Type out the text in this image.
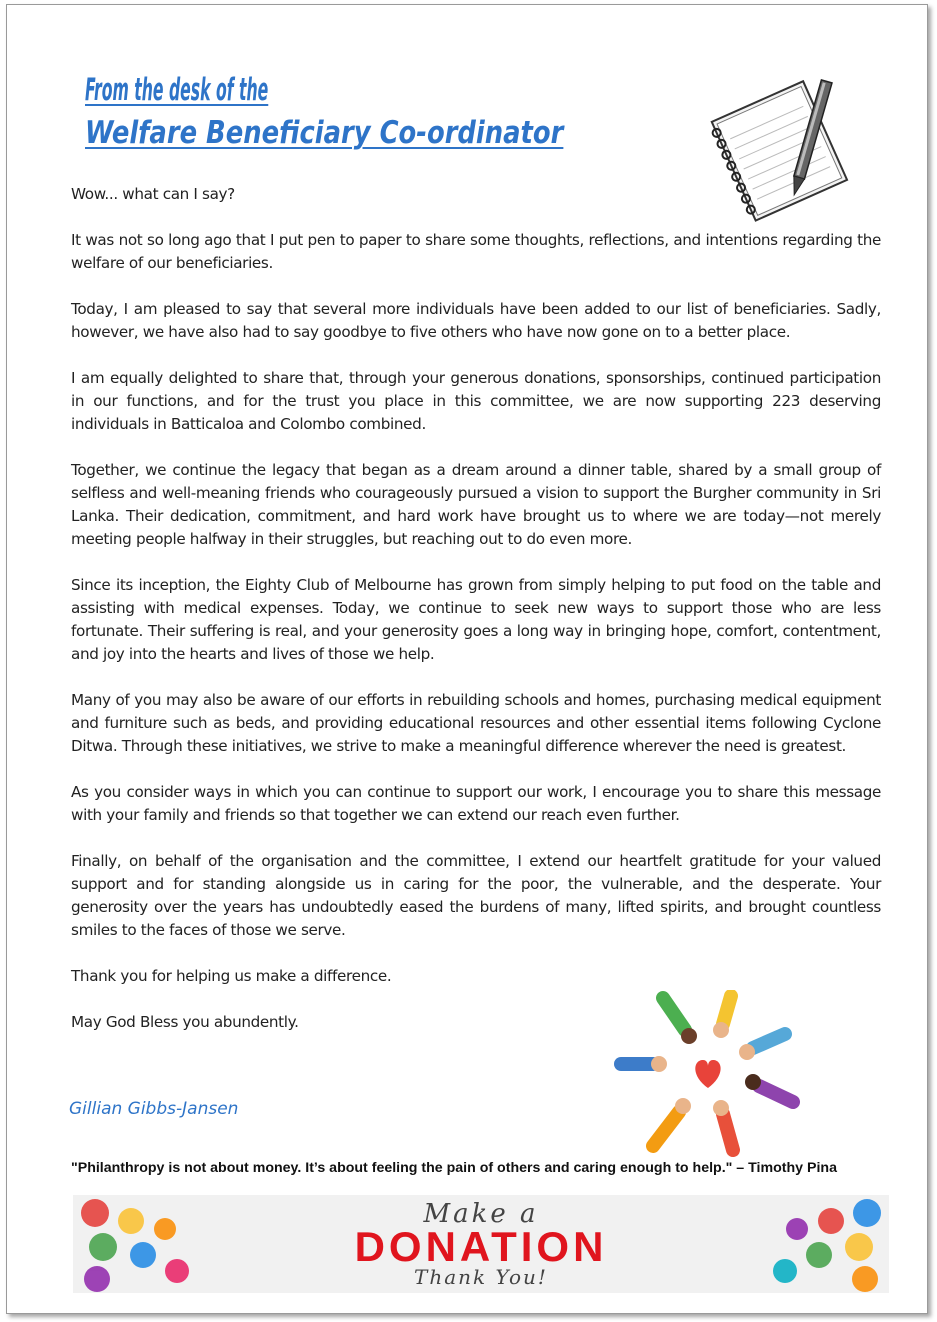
From the desk of the
Welfare Beneficiary Co-ordinator

Wow... what can I say?

It was not so long ago that I put pen to paper to share some thoughts, reflections, and intentions regarding the welfare of our beneficiaries.

Today, I am pleased to say that several more individuals have been added to our list of beneficiaries. Sadly, however, we have also had to say goodbye to five others who have now gone on to a better place.

I am equally delighted to share that, through your generous donations, sponsorships, continued participation in our functions, and for the trust you place in this committee, we are now supporting 223 deserving individuals in Batticaloa and Colombo combined.

Together, we continue the legacy that began as a dream around a dinner table, shared by a small group of selfless and well-meaning friends who courageously pursued a vision to support the Burgher community in Sri Lanka. Their dedication, commitment, and hard work have brought us to where we are today—not merely meeting people halfway in their struggles, but reaching out to do even more.

Since its inception, the Eighty Club of Melbourne has grown from simply helping to put food on the table and assisting with medical expenses. Today, we continue to seek new ways to support those who are less fortunate. Their suffering is real, and your generosity goes a long way in bringing hope, comfort, contentment, and joy into the hearts and lives of those we help.

Many of you may also be aware of our efforts in rebuilding schools and homes, purchasing medical equipment and furniture such as beds, and providing educational resources and other essential items following Cyclone Ditwa. Through these initiatives, we strive to make a meaningful difference wherever the need is greatest.

As you consider ways in which you can continue to support our work, I encourage you to share this message with your family and friends so that together we can extend our reach even further.

Finally, on behalf of the organisation and the committee, I extend our heartfelt gratitude for your valued support and for standing alongside us in caring for the poor, the vulnerable, and the desperate. Your generosity over the years has undoubtedly eased the burdens of many, lifted spirits, and brought countless smiles to the faces of those we serve.

Thank you for helping us make a difference.

May God Bless you abundently.

Gillian Gibbs-Jansen
"Philanthropy is not about money. It’s about feeling the pain of others and caring enough to help." – Timothy Pina
Make a
DONATION
Thank You!
